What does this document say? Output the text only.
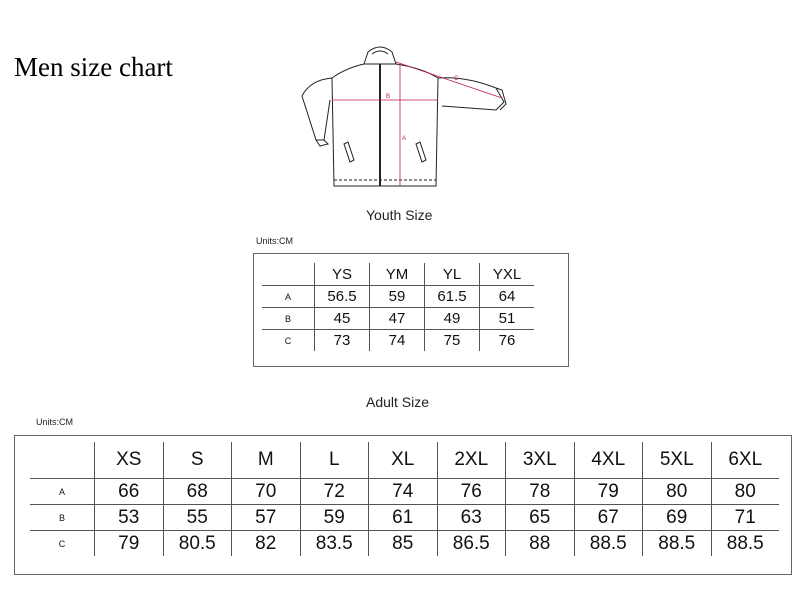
Men size chart
A
B
C
Youth Size
Units:CM
	YS	YM	YL	YXL
A	56.5	59	61.5	64
B	45	47	49	51
C	73	74	75	76
Adult Size
Units:CM
	XS	S	M	L	XL	2XL	3XL	4XL	5XL	6XL
A	66	68	70	72	74	76	78	79	80	80
B	53	55	57	59	61	63	65	67	69	71
C	79	80.5	82	83.5	85	86.5	88	88.5	88.5	88.5
